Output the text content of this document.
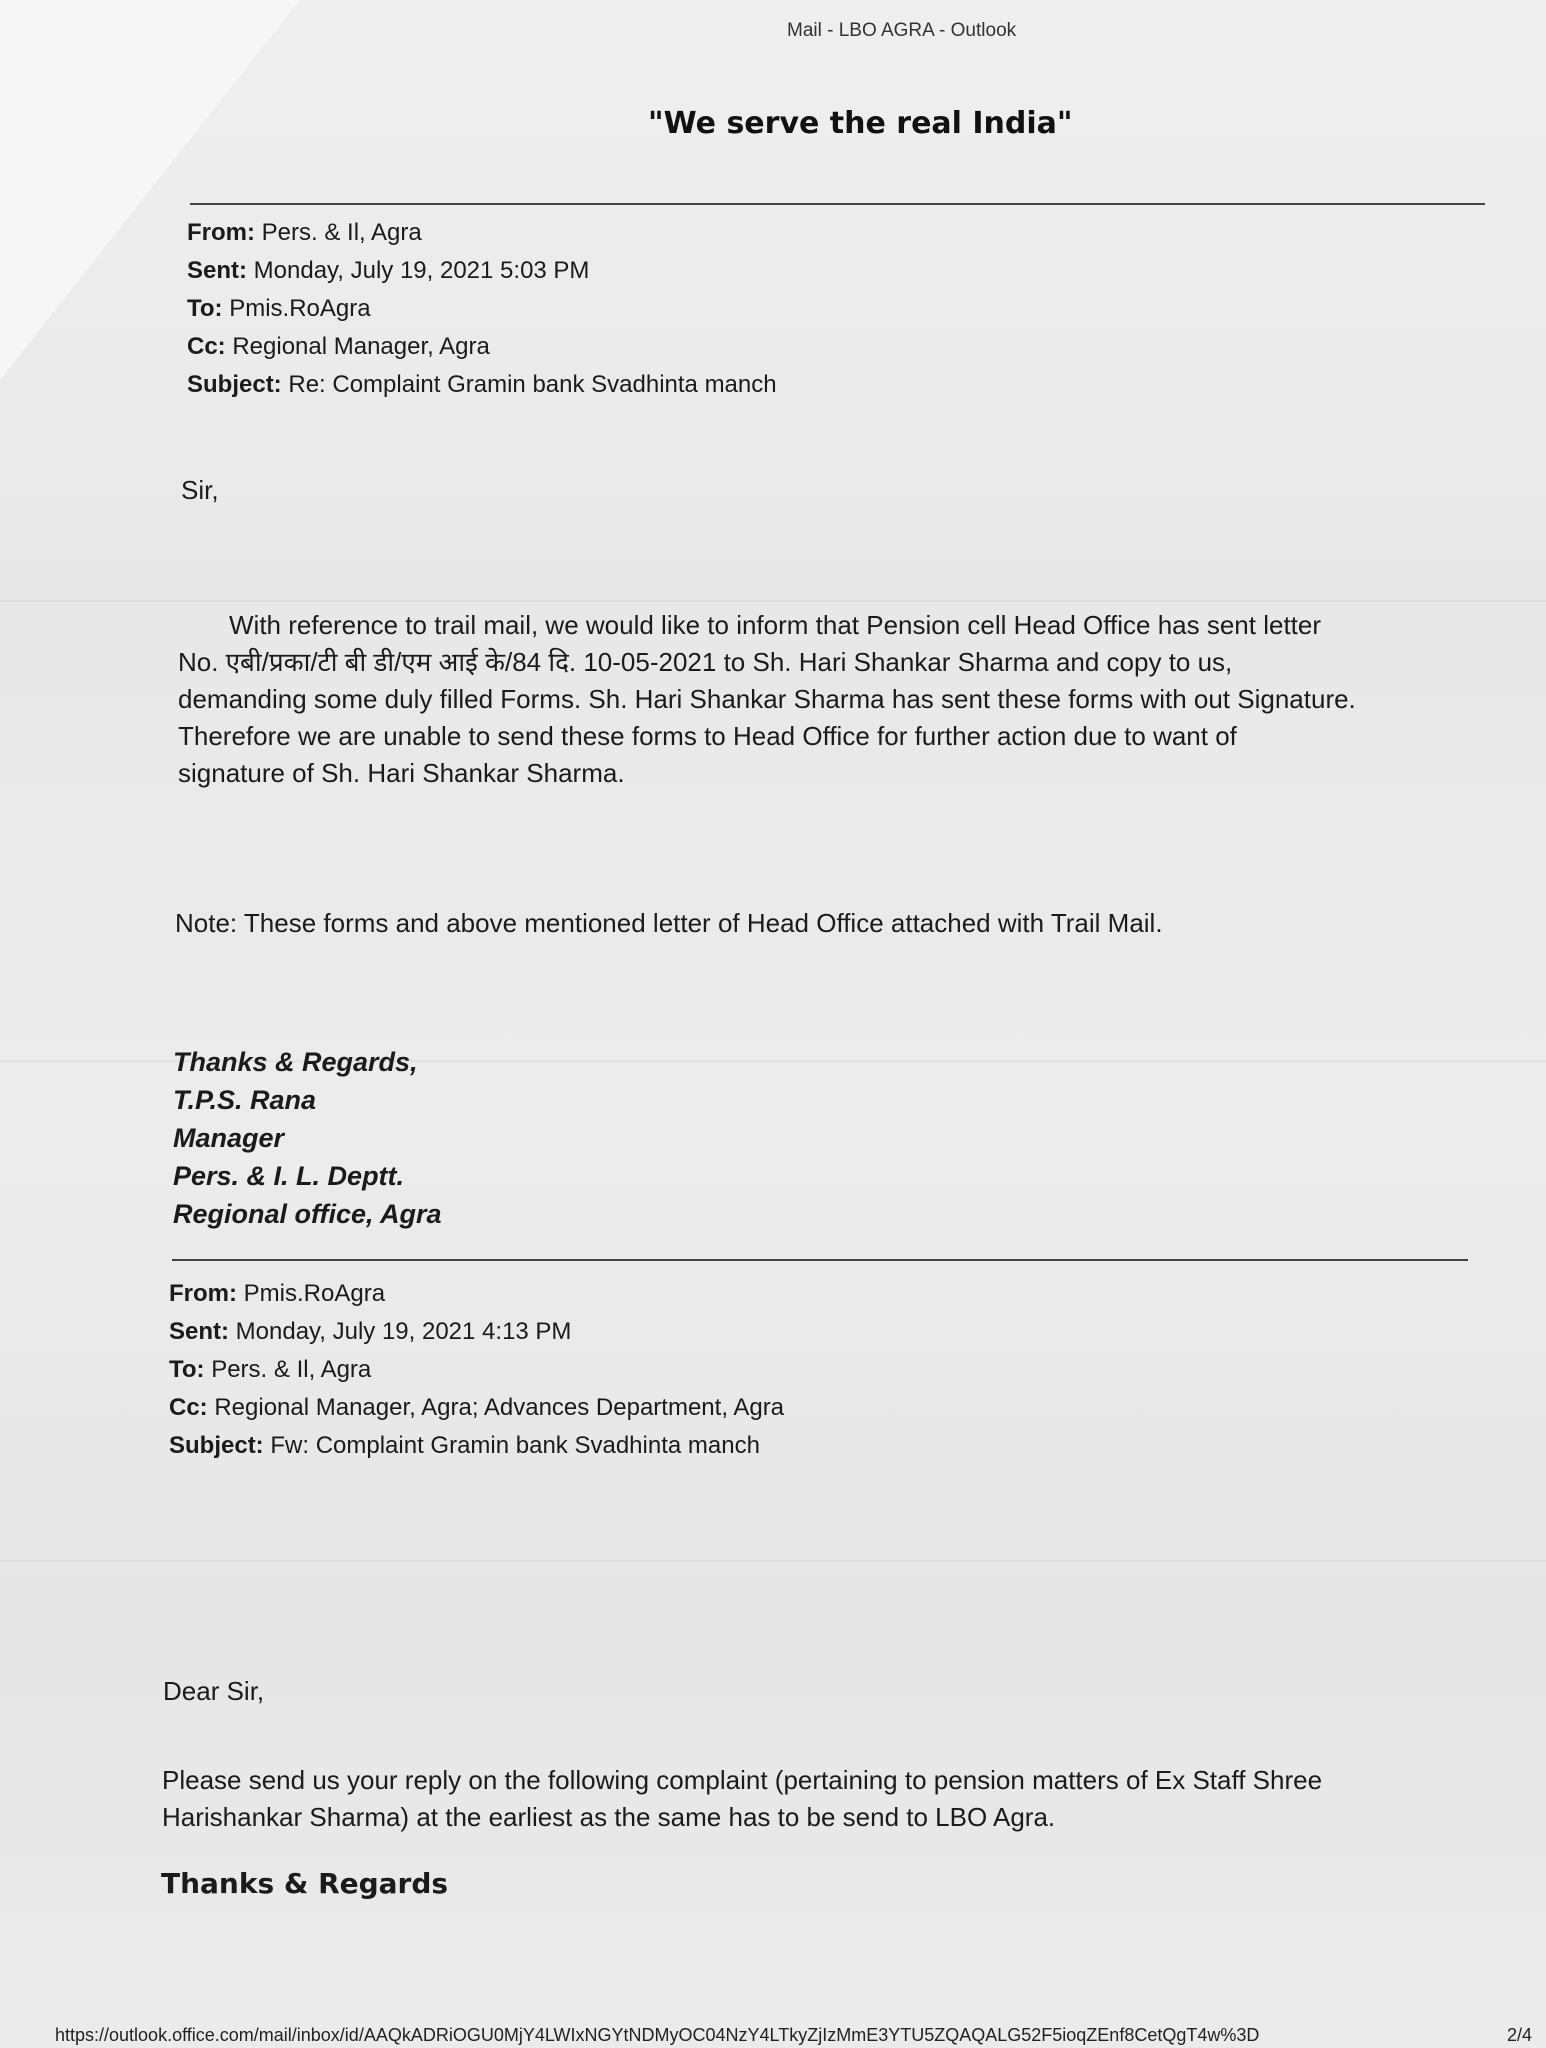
Mail - LBO AGRA - Outlook
"We serve the real India"
From: Pers. & Il, Agra
Sent: Monday, July 19, 2021 5:03 PM
To: Pmis.RoAgra
Cc: Regional Manager, Agra
Subject: Re: Complaint Gramin bank Svadhinta manch
Sir,
With reference to trail mail, we would like to inform that Pension cell Head Office has sent letter
No. एबी/प्रका/टी बी डी/एम आई के/84 दि. 10-05-2021 to Sh. Hari Shankar Sharma and copy to us,
demanding some duly filled Forms. Sh. Hari Shankar Sharma has sent these forms with out Signature.
Therefore we are unable to send these forms to Head Office for further action due to want of
signature of Sh. Hari Shankar Sharma.
Note: These forms and above mentioned letter of Head Office attached with Trail Mail.
Thanks & Regards,
T.P.S. Rana
Manager
Pers. & I. L. Deptt.
Regional office, Agra
From: Pmis.RoAgra
Sent: Monday, July 19, 2021 4:13 PM
To: Pers. & Il, Agra
Cc: Regional Manager, Agra; Advances Department, Agra
Subject: Fw: Complaint Gramin bank Svadhinta manch
Dear Sir,
Please send us your reply on the following complaint (pertaining to pension matters of Ex Staff Shree
Harishankar Sharma) at the earliest as the same has to be send to LBO Agra.
Thanks & Regards
https://outlook.office.com/mail/inbox/id/AAQkADRiOGU0MjY4LWIxNGYtNDMyOC04NzY4LTkyZjIzMmE3YTU5ZQAQALG52F5ioqZEnf8CetQgT4w%3D	2/4
